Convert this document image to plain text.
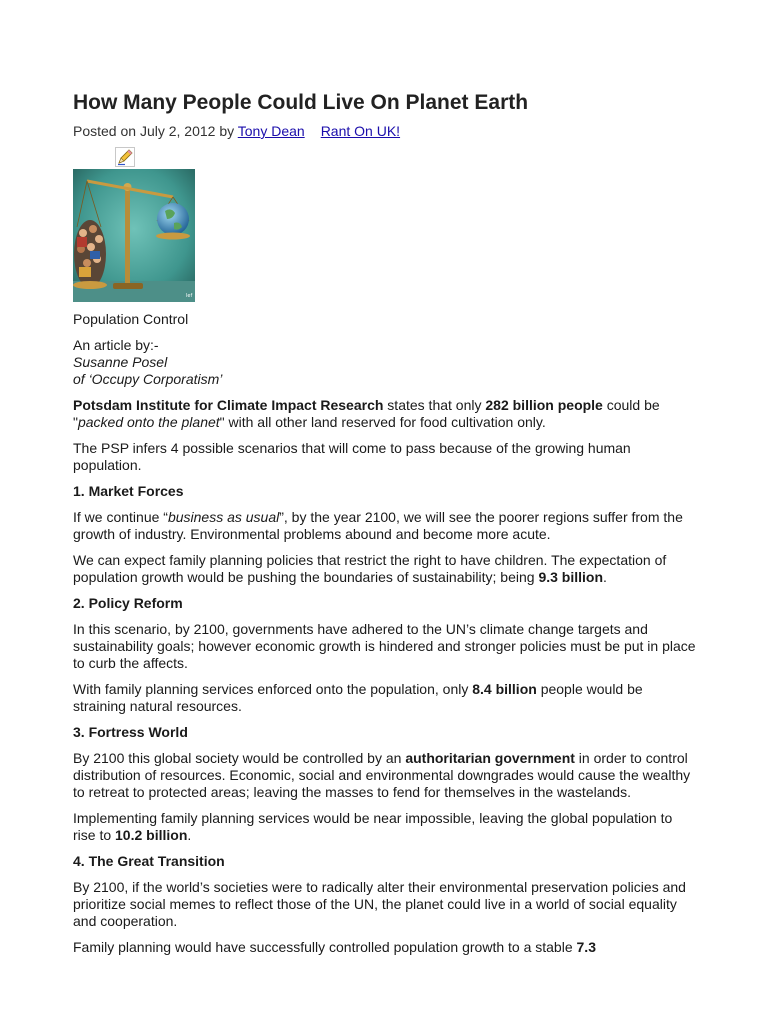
How Many People Could Live On Planet Earth
Posted on July 2, 2012 by Tony Dean Rant On UK!
lef

Population Control

An article by:-
Susanne Posel
of ‘Occupy Corporatism’

Potsdam Institute for Climate Impact Research states that only 282 billion people could be "packed onto the planet" with all other land reserved for food cultivation only.

The PSP infers 4 possible scenarios that will come to pass because of the growing human population.

1. Market Forces

If we continue “business as usual”, by the year 2100, we will see the poorer regions suffer from the growth of industry. Environmental problems abound and become more acute.

We can expect family planning policies that restrict the right to have children. The expectation of population growth would be pushing the boundaries of sustainability; being 9.3 billion.

2. Policy Reform

In this scenario, by 2100, governments have adhered to the UN’s climate change targets and sustainability goals; however economic growth is hindered and stronger policies must be put in place to curb the affects.

With family planning services enforced onto the population, only 8.4 billion people would be straining natural resources.

3. Fortress World

By 2100 this global society would be controlled by an authoritarian government in order to control distribution of resources. Economic, social and environmental downgrades would cause the wealthy to retreat to protected areas; leaving the masses to fend for themselves in the wastelands.

Implementing family planning services would be near impossible, leaving the global population to rise to 10.2 billion.

4. The Great Transition

By 2100, if the world’s societies were to radically alter their environmental preservation policies and prioritize social memes to reflect those of the UN, the planet could live in a world of social equality and cooperation.

Family planning would have successfully controlled population growth to a stable 7.3
